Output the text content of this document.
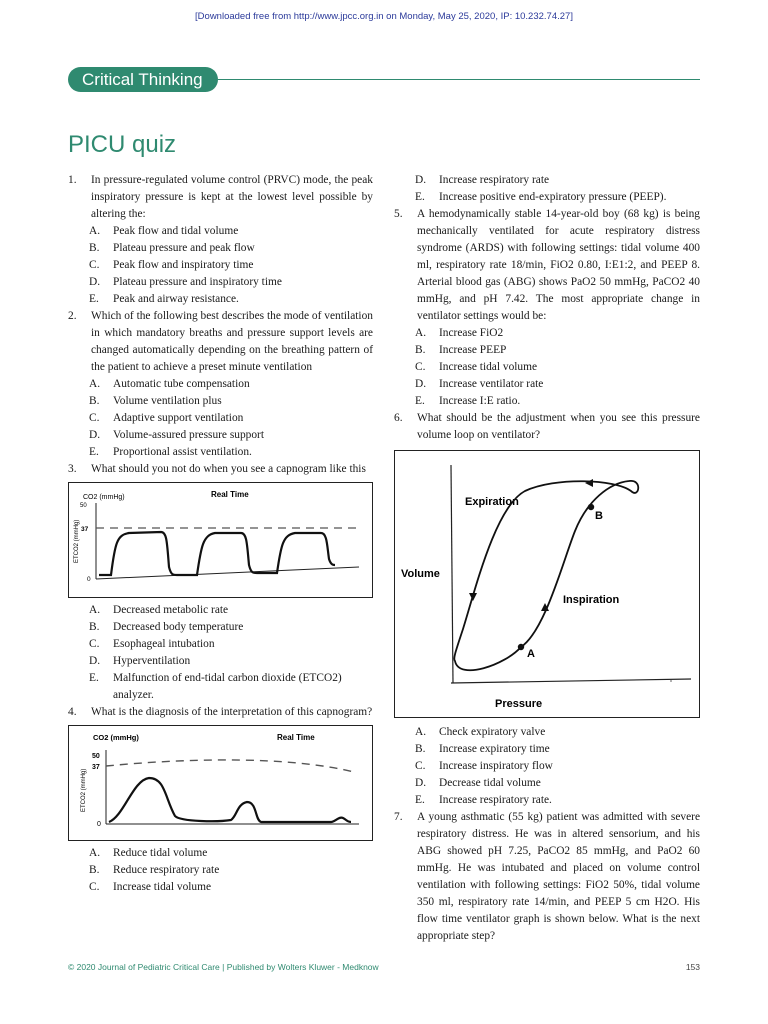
[Downloaded free from http://www.jpcc.org.in on Monday, May 25, 2020, IP: 10.232.74.27]
Critical Thinking
PICU quiz
1.	In pressure-regulated volume control (PRVC) mode, the peak inspiratory pressure is kept at the lowest level possible by altering the:
A.	Peak flow and tidal volume
B.	Plateau pressure and peak flow
C.	Peak flow and inspiratory time
D.	Plateau pressure and inspiratory time
E.	Peak and airway resistance.
2.	Which of the following best describes the mode of ventilation in which mandatory breaths and pressure support levels are changed automatically depending on the breathing pattern of the patient to achieve a preset minute ventilation
A.	Automatic tube compensation
B.	Volume ventilation plus
C.	Adaptive support ventilation
D.	Volume-assured pressure support
E.	Proportional assist ventilation.
3.	What should you not do when you see a capnogram like this
CO2 (mmHg)	Real Time
50
37
0
ETCO2 (mmHg)
A.	Decreased metabolic rate
B.	Decreased body temperature
C.	Esophageal intubation
D.	Hyperventilation
E.	Malfunction of end-tidal carbon dioxide (ETCO2) analyzer.
4.	What is the diagnosis of the interpretation of this capnogram?
CO2 (mmHg)	Real Time
50
37
0
ETCO2 (mmHg)
A.	Reduce tidal volume
B.	Reduce respiratory rate
C.	Increase tidal volume
D.	Increase respiratory rate
E.	Increase positive end-expiratory pressure (PEEP).
5.	A hemodynamically stable 14-year-old boy (68 kg) is being mechanically ventilated for acute respiratory distress syndrome (ARDS) with following settings: tidal volume 400 ml, respiratory rate 18/min, FiO2 0.80, I:E1:2, and PEEP 8. Arterial blood gas (ABG) shows PaO2 50 mmHg, PaCO2 40 mmHg, and pH 7.42. The most appropriate change in ventilator settings would be:
A.	Increase FiO2
B.	Increase PEEP
C.	Increase tidal volume
D.	Increase ventilator rate
E.	Increase I:E ratio.
6.	What should be the adjustment when you see this pressure volume loop on ventilator?
Volume
Pressure
Expiration
Inspiration
B
A
A.	Check expiratory valve
B.	Increase expiratory time
C.	Increase inspiratory flow
D.	Decrease tidal volume
E.	Increase respiratory rate.
7.	A young asthmatic (55 kg) patient was admitted with severe respiratory distress. He was in altered sensorium, and his ABG showed pH 7.25, PaCO2 85 mmHg, and PaO2 60 mmHg. He was intubated and placed on volume control ventilation with following settings: FiO2 50%, tidal volume 350 ml, respiratory rate 14/min, and PEEP 5 cm H2O. His flow time ventilator graph is shown below. What is the next appropriate step?
© 2020 Journal of Pediatric Critical Care | Published by Wolters Kluwer - Medknow	153
